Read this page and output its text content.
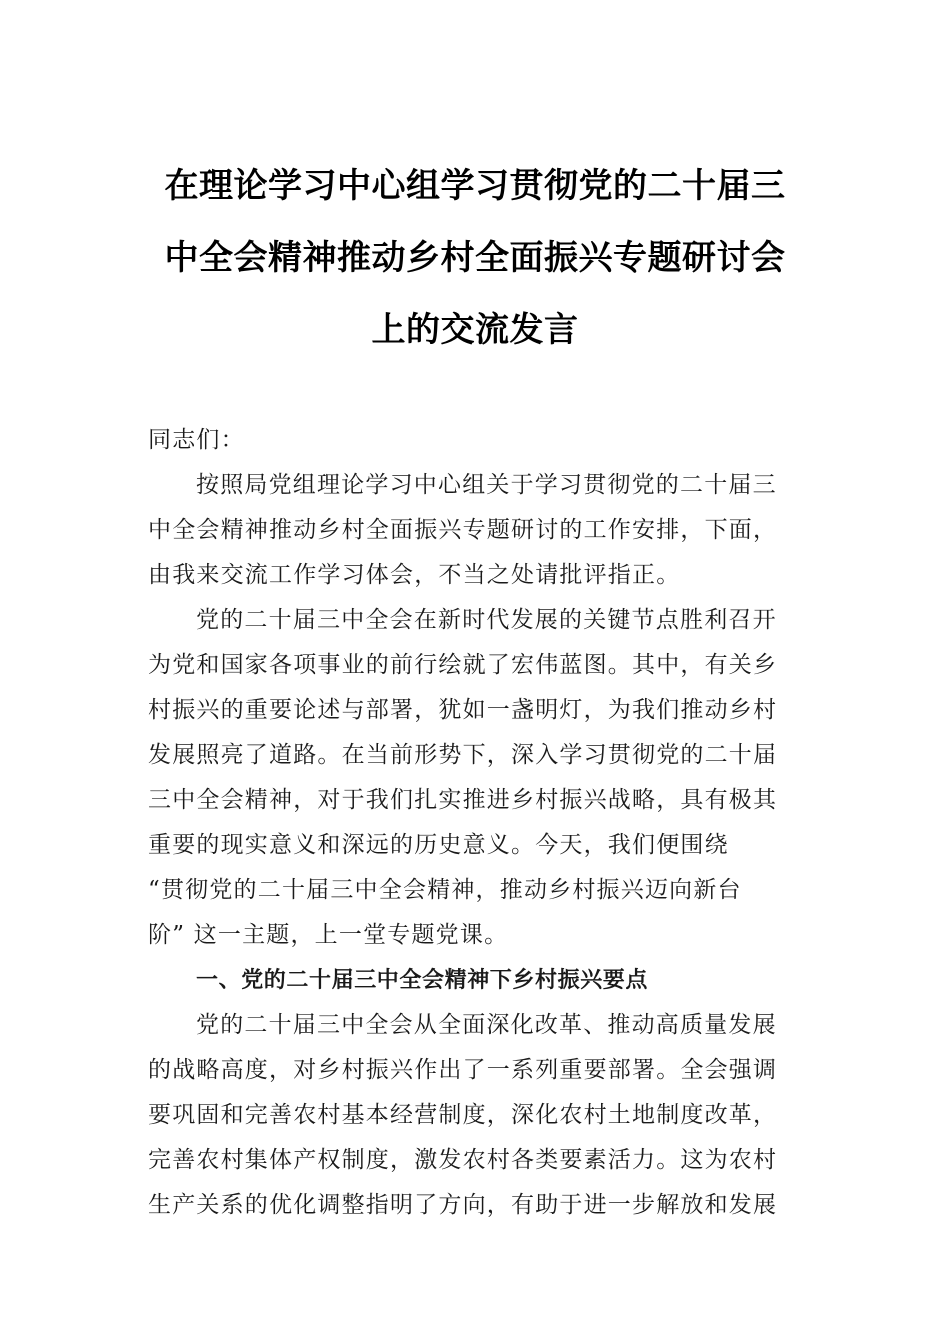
在理论学习中心组学习贯彻党的二十届三
中全会精神推动乡村全面振兴专题研讨会
上的交流发言
同志们：
按照局党组理论学习中心组关于学习贯彻党的二十届三
中全会精神推动乡村全面振兴专题研讨的工作安排，下面，
由我来交流工作学习体会，不当之处请批评指正。
党的二十届三中全会在新时代发展的关键节点胜利召开
为党和国家各项事业的前行绘就了宏伟蓝图。其中，有关乡
村振兴的重要论述与部署，犹如一盏明灯，为我们推动乡村
发展照亮了道路。在当前形势下，深入学习贯彻党的二十届
三中全会精神，对于我们扎实推进乡村振兴战略，具有极其
重要的现实意义和深远的历史意义。今天，我们便围绕
“贯彻党的二十届三中全会精神，推动乡村振兴迈向新台
阶” 这一主题，上一堂专题党课。
一、党的二十届三中全会精神下乡村振兴要点
党的二十届三中全会从全面深化改革、推动高质量发展
的战略高度，对乡村振兴作出了一系列重要部署。全会强调
要巩固和完善农村基本经营制度，深化农村土地制度改革，
完善农村集体产权制度，激发农村各类要素活力。这为农村
生产关系的优化调整指明了方向，有助于进一步解放和发展
